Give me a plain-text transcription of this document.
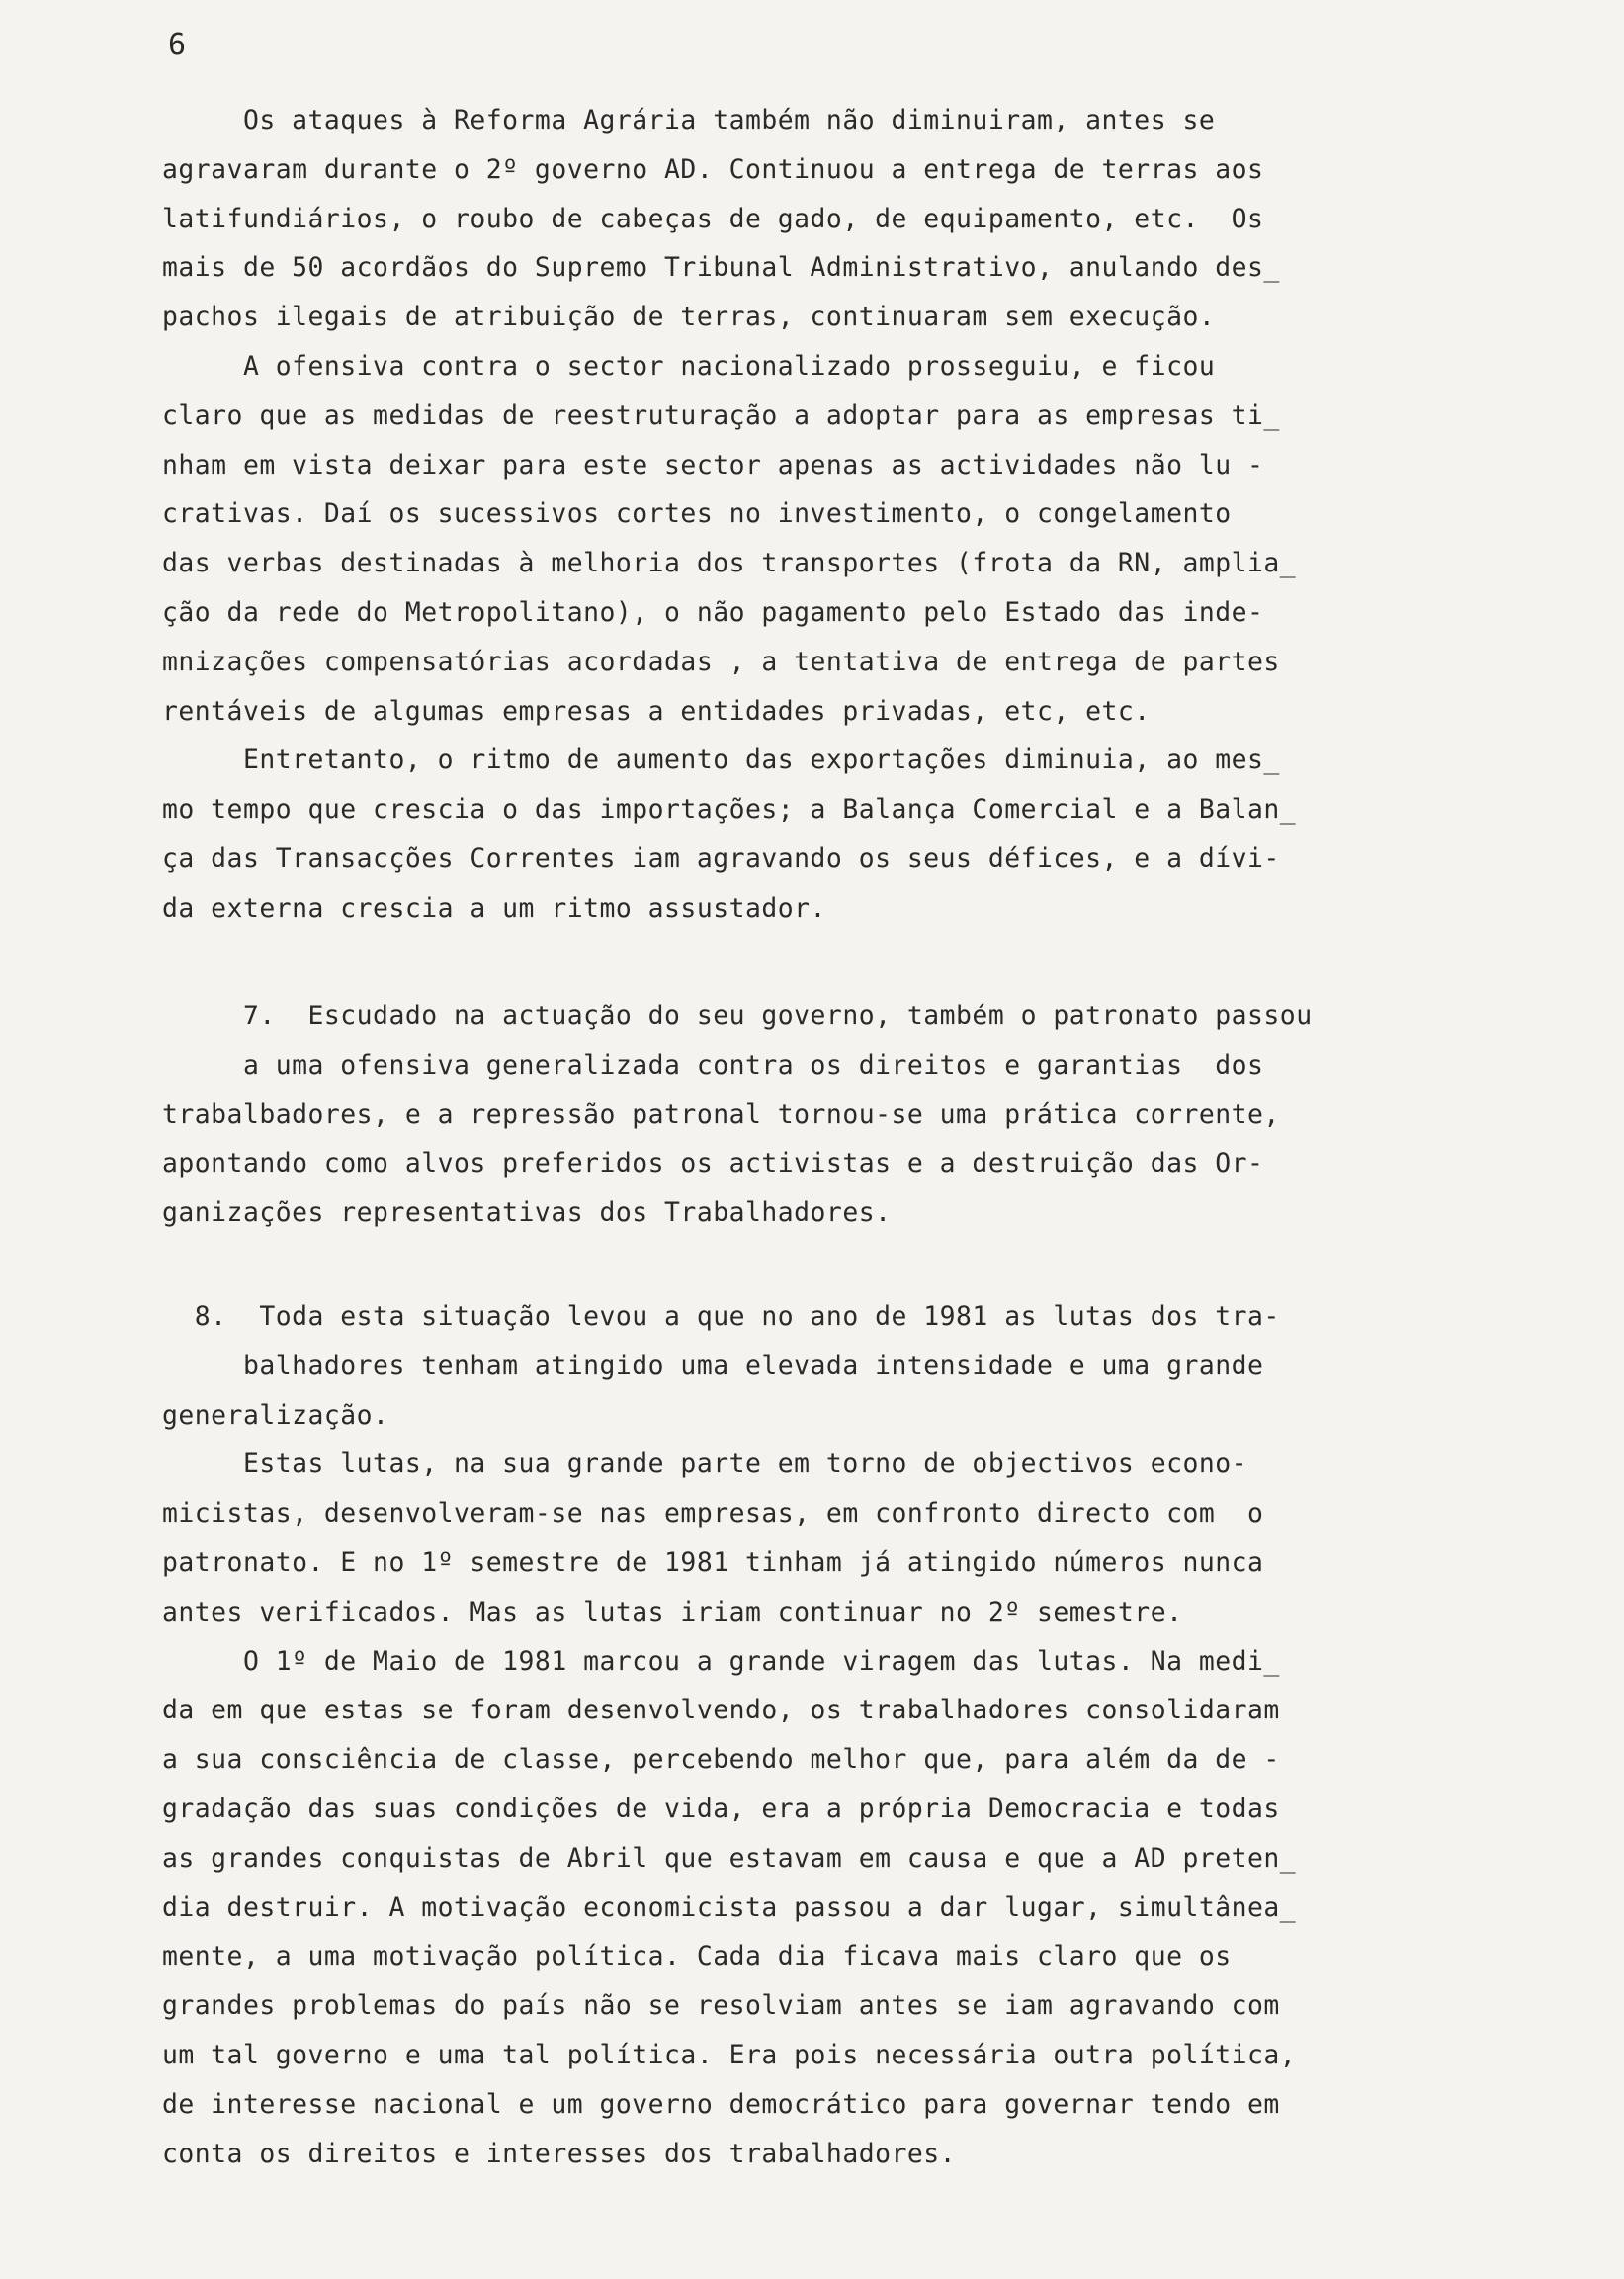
6
Os ataques à Reforma Agrária também não diminuiram, antes se
agravaram durante o 2º governo AD. Continuou a entrega de terras aos
latifundiários, o roubo de cabeças de gado, de equipamento, etc.  Os
mais de 50 acordãos do Supremo Tribunal Administrativo, anulando des_
pachos ilegais de atribuição de terras, continuaram sem execução.
A ofensiva contra o sector nacionalizado prosseguiu, e ficou
claro que as medidas de reestruturação a adoptar para as empresas ti_
nham em vista deixar para este sector apenas as actividades não lu -
crativas. Daí os sucessivos cortes no investimento, o congelamento
das verbas destinadas à melhoria dos transportes (frota da RN, amplia_
ção da rede do Metropolitano), o não pagamento pelo Estado das inde-
mnizações compensatórias acordadas , a tentativa de entrega de partes
rentáveis de algumas empresas a entidades privadas, etc, etc.
Entretanto, o ritmo de aumento das exportações diminuia, ao mes_
mo tempo que crescia o das importações; a Balança Comercial e a Balan_
ça das Transacções Correntes iam agravando os seus défices, e a dívi-
da externa crescia a um ritmo assustador.
7.  Escudado na actuação do seu governo, também o patronato passou
a uma ofensiva generalizada contra os direitos e garantias  dos
trabalbadores, e a repressão patronal tornou-se uma prática corrente,
apontando como alvos preferidos os activistas e a destruição das Or-
ganizações representativas dos Trabalhadores.
8.  Toda esta situação levou a que no ano de 1981 as lutas dos tra-
balhadores tenham atingido uma elevada intensidade e uma grande
generalização.
Estas lutas, na sua grande parte em torno de objectivos econo-
micistas, desenvolveram-se nas empresas, em confronto directo com  o
patronato. E no 1º semestre de 1981 tinham já atingido números nunca
antes verificados. Mas as lutas iriam continuar no 2º semestre.
O 1º de Maio de 1981 marcou a grande viragem das lutas. Na medi_
da em que estas se foram desenvolvendo, os trabalhadores consolidaram
a sua consciência de classe, percebendo melhor que, para além da de -
gradação das suas condições de vida, era a própria Democracia e todas
as grandes conquistas de Abril que estavam em causa e que a AD preten_
dia destruir. A motivação economicista passou a dar lugar, simultânea_
mente, a uma motivação política. Cada dia ficava mais claro que os
grandes problemas do país não se resolviam antes se iam agravando com
um tal governo e uma tal política. Era pois necessária outra política,
de interesse nacional e um governo democrático para governar tendo em
conta os direitos e interesses dos trabalhadores.
